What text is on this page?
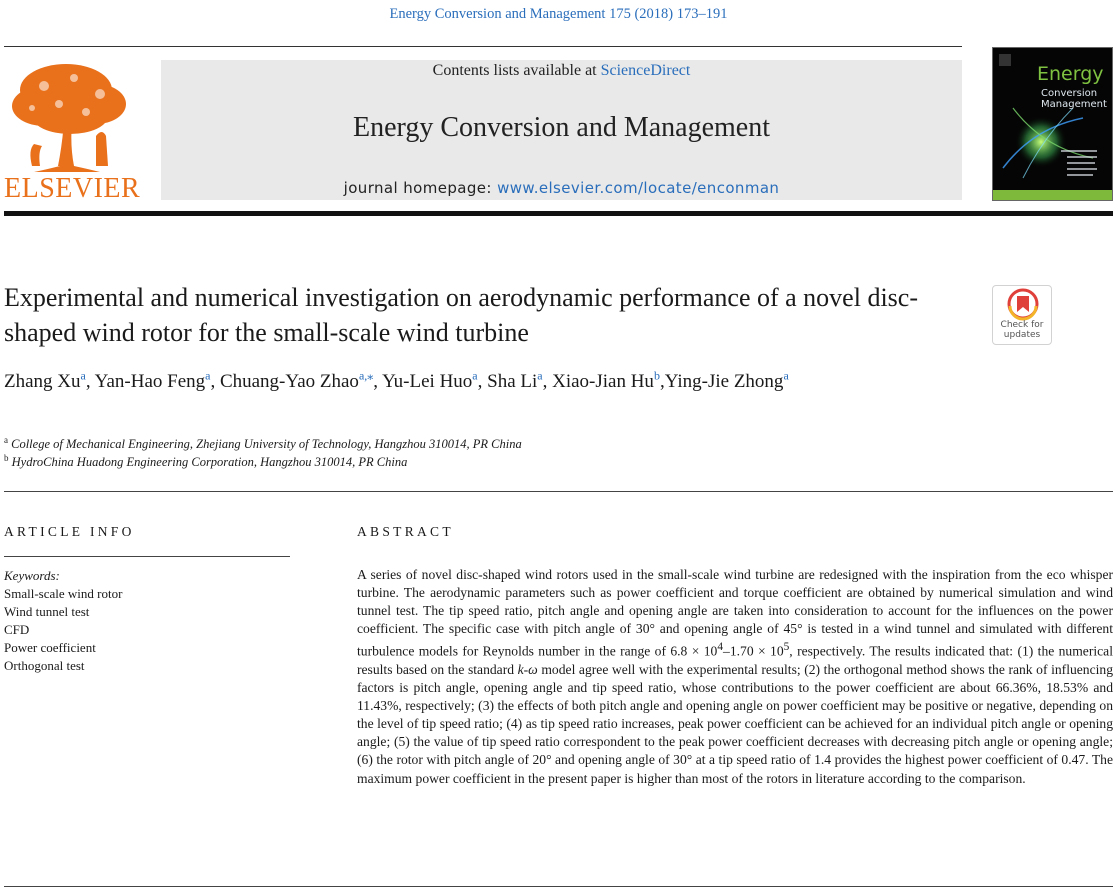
Energy Conversion and Management 175 (2018) 173–191
ELSEVIER
Contents lists available at ScienceDirect
Energy Conversion and Management
journal homepage: www.elsevier.com/locate/enconman
Energy
Conversion
Management
Experimental and numerical investigation on aerodynamic performance of a novel disc-shaped wind rotor for the small-scale wind turbine	Check for
updates
Zhang Xu$^a$, Yan-Hao Feng$^a$, Chuang-Yao Zhao$^{a,⁎}$, Yu-Lei Huo$^a$, Sha Li$^a$, Xiao-Jian Hu$^b$,Ying-Jie Zhong$^a$
$^a$ College of Mechanical Engineering, Zhejiang University of Technology, Hangzhou 310014, PR China
$^b$ HydroChina Huadong Engineering Corporation, Hangzhou 310014, PR China
ARTICLE INFO
Keywords:
Small-scale wind rotor
Wind tunnel test
CFD
Power coefficient
Orthogonal test
ABSTRACT
A series of novel disc-shaped wind rotors used in the small-scale wind turbine are redesigned with the inspiration from the eco whisper turbine. The aerodynamic parameters such as power coefficient and torque coefficient are obtained by numerical simulation and wind tunnel test. The tip speed ratio, pitch angle and opening angle are taken into consideration to account for the influences on the power coefficient. The specific case with pitch angle of 30° and opening angle of 45° is tested in a wind tunnel and simulated with different turbulence models for Reynolds number in the range of $6.8 \times 10^4-1.70 \times 10^5$, respectively. The results indicated that: (1) the numerical results based on the standard k-ω model agree well with the experimental results; (2) the orthogonal method shows the rank of influencing factors is pitch angle, opening angle and tip speed ratio, whose contributions to the power coefficient are about 66.36%, 18.53% and 11.43%, respectively; (3) the effects of both pitch angle and opening angle on power coefficient may be positive or negative, depending on the level of tip speed ratio; (4) as tip speed ratio increases, peak power coefficient can be achieved for an individual pitch angle or opening angle; (5) the value of tip speed ratio correspondent to the peak power coefficient decreases with decreasing pitch angle or opening angle; (6) the rotor with pitch angle of 20° and opening angle of 30° at a tip speed ratio of 1.4 provides the highest power coefficient of 0.47. The maximum power coefficient in the present paper is higher than most of the rotors in literature according to the comparison.
